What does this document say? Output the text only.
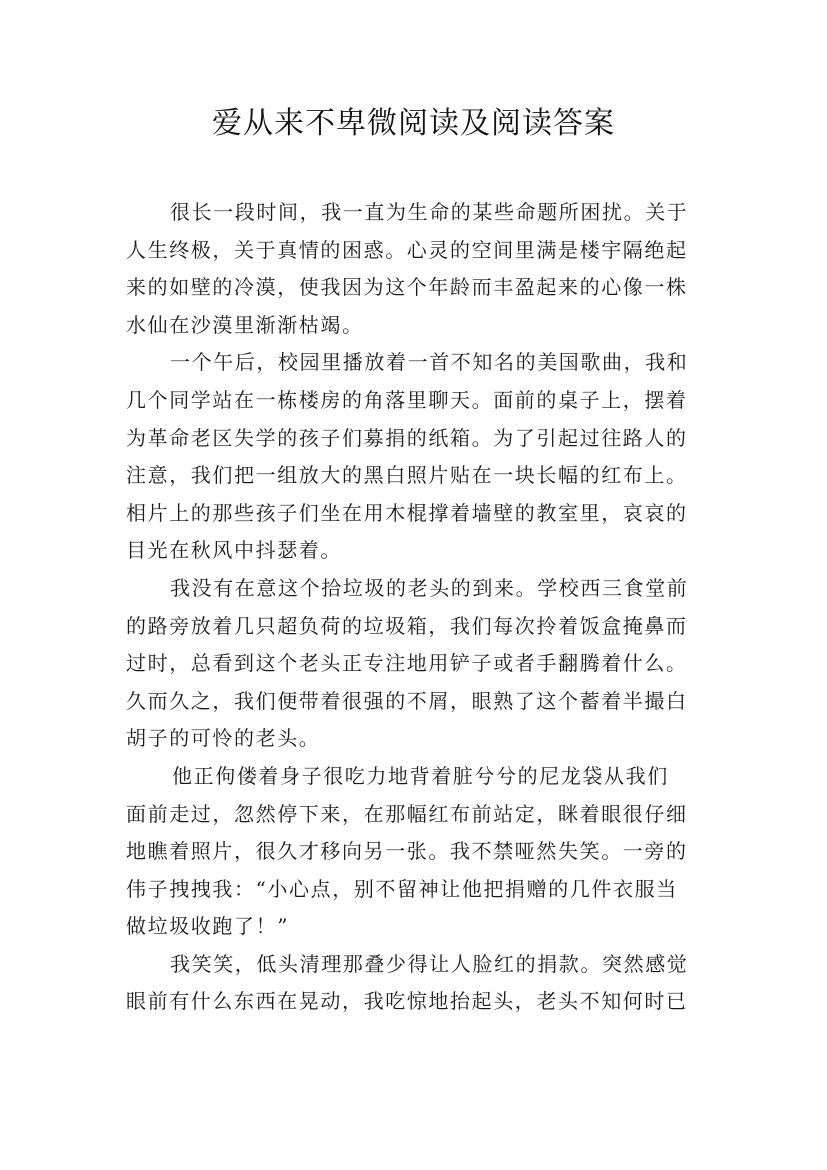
爱从来不卑微阅读及阅读答案
很长一段时间，我一直为生命的某些命题所困扰。关于
人生终极，关于真情的困惑。心灵的空间里满是楼宇隔绝起
来的如壁的冷漠，使我因为这个年龄而丰盈起来的心像一株
水仙在沙漠里渐渐枯竭。
一个午后，校园里播放着一首不知名的美国歌曲，我和
几个同学站在一栋楼房的角落里聊天。面前的桌子上，摆着
为革命老区失学的孩子们募捐的纸箱。为了引起过往路人的
注意，我们把一组放大的黑白照片贴在一块长幅的红布上。
相片上的那些孩子们坐在用木棍撑着墙壁的教室里，哀哀的
目光在秋风中抖瑟着。
我没有在意这个拾垃圾的老头的到来。学校西三食堂前
的路旁放着几只超负荷的垃圾箱，我们每次拎着饭盒掩鼻而
过时，总看到这个老头正专注地用铲子或者手翻腾着什么。
久而久之，我们便带着很强的不屑，眼熟了这个蓄着半撮白
胡子的可怜的老头。
他正佝偻着身子很吃力地背着脏兮兮的尼龙袋从我们
面前走过，忽然停下来，在那幅红布前站定，眯着眼很仔细
地瞧着照片，很久才移向另一张。我不禁哑然失笑。一旁的
伟子拽拽我：“小心点，别不留神让他把捐赠的几件衣服当
做垃圾收跑了！”
我笑笑，低头清理那叠少得让人脸红的捐款。突然感觉
眼前有什么东西在晃动，我吃惊地抬起头，老头不知何时已
